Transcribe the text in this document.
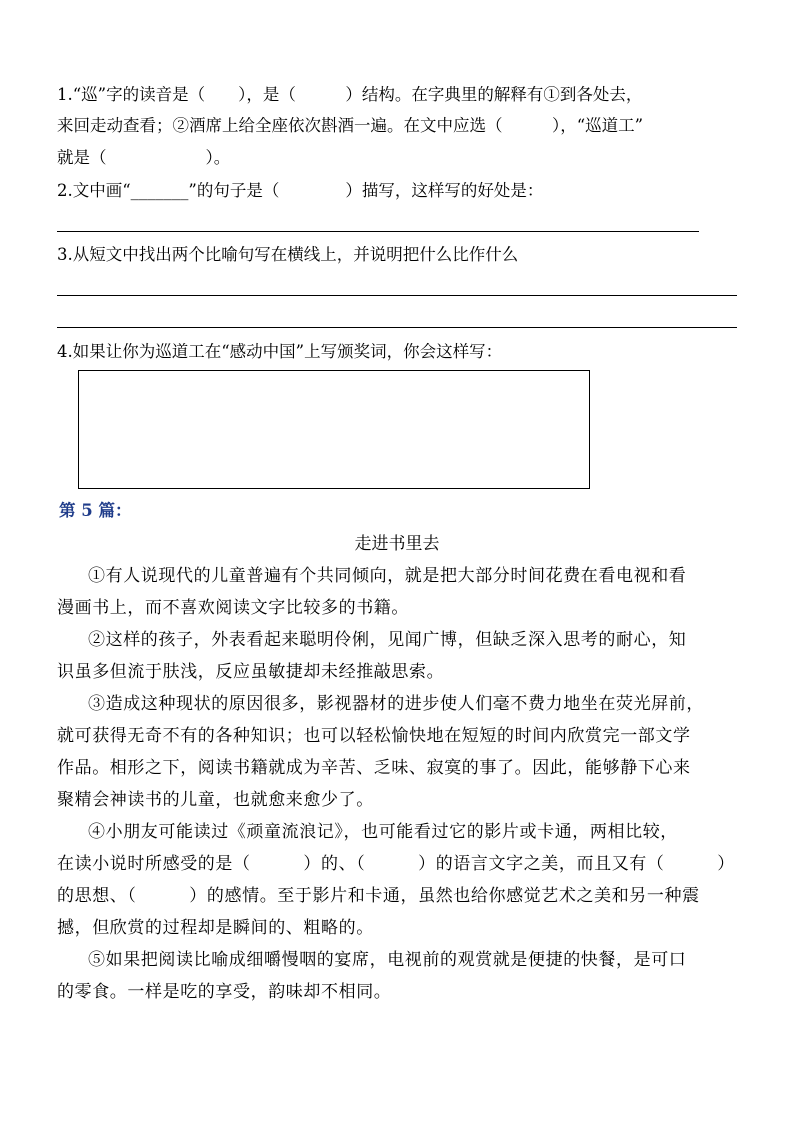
1.“巡”字的读音是（　　），是（　　　）结构。在字典里的解释有①到各处去，
来回走动查看；②酒席上给全座依次斟酒一遍。在文中应选（　　　），“巡道工”
就是（　　　　　　）。
2.文中画“_______”的句子是（　　　　）描写，这样写的好处是：
3.从短文中找出两个比喻句写在横线上，并说明把什么比作什么
4.如果让你为巡道工在“感动中国”上写颁奖词，你会这样写：
第 5 篇：
走进书里去
①有人说现代的儿童普遍有个共同倾向，就是把大部分时间花费在看电视和看
漫画书上，而不喜欢阅读文字比较多的书籍。
②这样的孩子，外表看起来聪明伶俐，见闻广博，但缺乏深入思考的耐心，知
识虽多但流于肤浅，反应虽敏捷却未经推敲思索。
③造成这种现状的原因很多，影视器材的进步使人们毫不费力地坐在荧光屏前，
就可获得无奇不有的各种知识；也可以轻松愉快地在短短的时间内欣赏完一部文学
作品。相形之下，阅读书籍就成为辛苦、乏味、寂寞的事了。因此，能够静下心来
聚精会神读书的儿童，也就愈来愈少了。
④小朋友可能读过《顽童流浪记》，也可能看过它的影片或卡通，两相比较，
在读小说时所感受的是（　　　）的、（　　　）的语言文字之美，而且又有（　　　）
的思想、（　　　）的感情。至于影片和卡通，虽然也给你感觉艺术之美和另一种震
撼，但欣赏的过程却是瞬间的、粗略的。
⑤如果把阅读比喻成细嚼慢咽的宴席，电视前的观赏就是便捷的快餐，是可口
的零食。一样是吃的享受，韵味却不相同。
